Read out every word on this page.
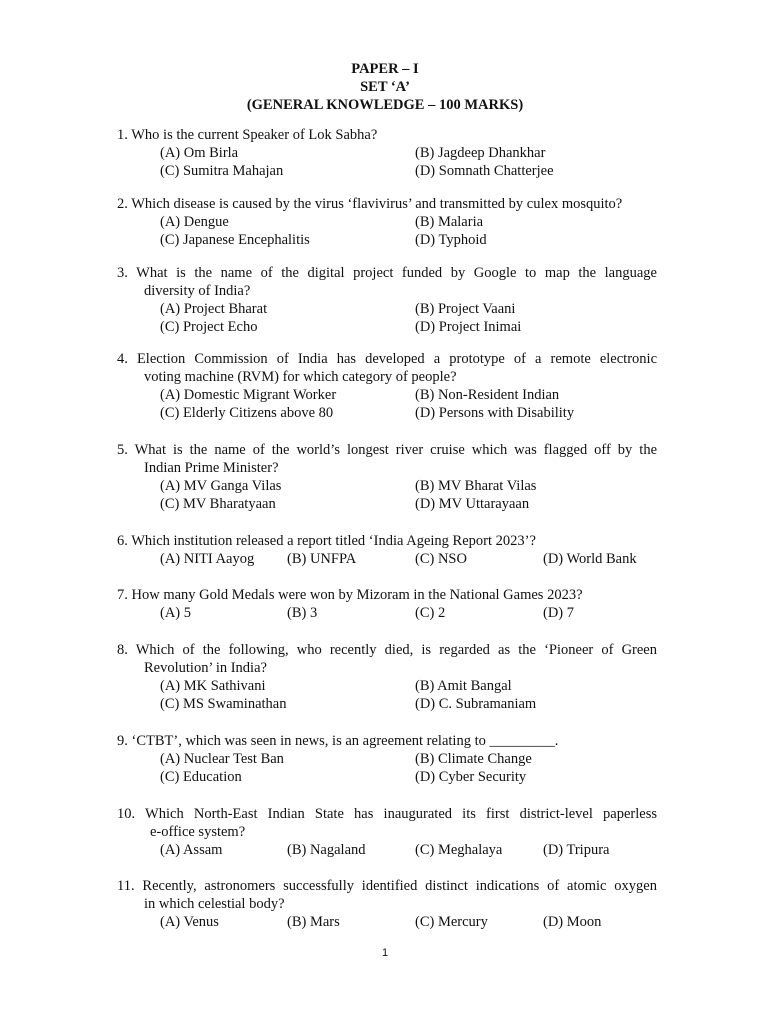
PAPER – I
SET ‘A’
(GENERAL KNOWLEDGE – 100 MARKS)
1. Who is the current Speaker of Lok Sabha?
(A) Om Birla	(B) Jagdeep Dhankhar
(C) Sumitra Mahajan	(D) Somnath Chatterjee
2. Which disease is caused by the virus ‘flavivirus’ and transmitted by culex mosquito?
(A) Dengue	(B) Malaria
(C) Japanese Encephalitis	(D) Typhoid
3. What is the name of the digital project funded by Google to map the language
diversity of India?
(A) Project Bharat	(B) Project Vaani
(C) Project Echo	(D) Project Inimai
4. Election Commission of India has developed a prototype of a remote electronic
voting machine (RVM) for which category of people?
(A) Domestic Migrant Worker	(B) Non-Resident Indian
(C) Elderly Citizens above 80	(D) Persons with Disability
5. What is the name of the world’s longest river cruise which was flagged off by the
Indian Prime Minister?
(A) MV Ganga Vilas	(B) MV Bharat Vilas
(C) MV Bharatyaan	(D) MV Uttarayaan
6. Which institution released a report titled ‘India Ageing Report 2023’?
(A) NITI Aayog (B) UNFPA	(C) NSO	(D) World Bank
7. How many Gold Medals were won by Mizoram in the National Games 2023?
(A) 5	(B) 3	(C) 2	(D) 7
8. Which of the following, who recently died, is regarded as the ‘Pioneer of Green
Revolution’ in India?
(A) MK Sathivani	(B) Amit Bangal
(C) MS Swaminathan	(D) C. Subramaniam
9. ‘CTBT’, which was seen in news, is an agreement relating to _________.
(A) Nuclear Test Ban	(B) Climate Change
(C) Education	(D) Cyber Security
10. Which North-East Indian State has inaugurated its first district-level paperless
e-office system?
(A) Assam	(B) Nagaland	(C) Meghalaya	(D) Tripura
11. Recently, astronomers successfully identified distinct indications of atomic oxygen
in which celestial body?
(A) Venus	(B) Mars	(C) Mercury	(D) Moon
1
